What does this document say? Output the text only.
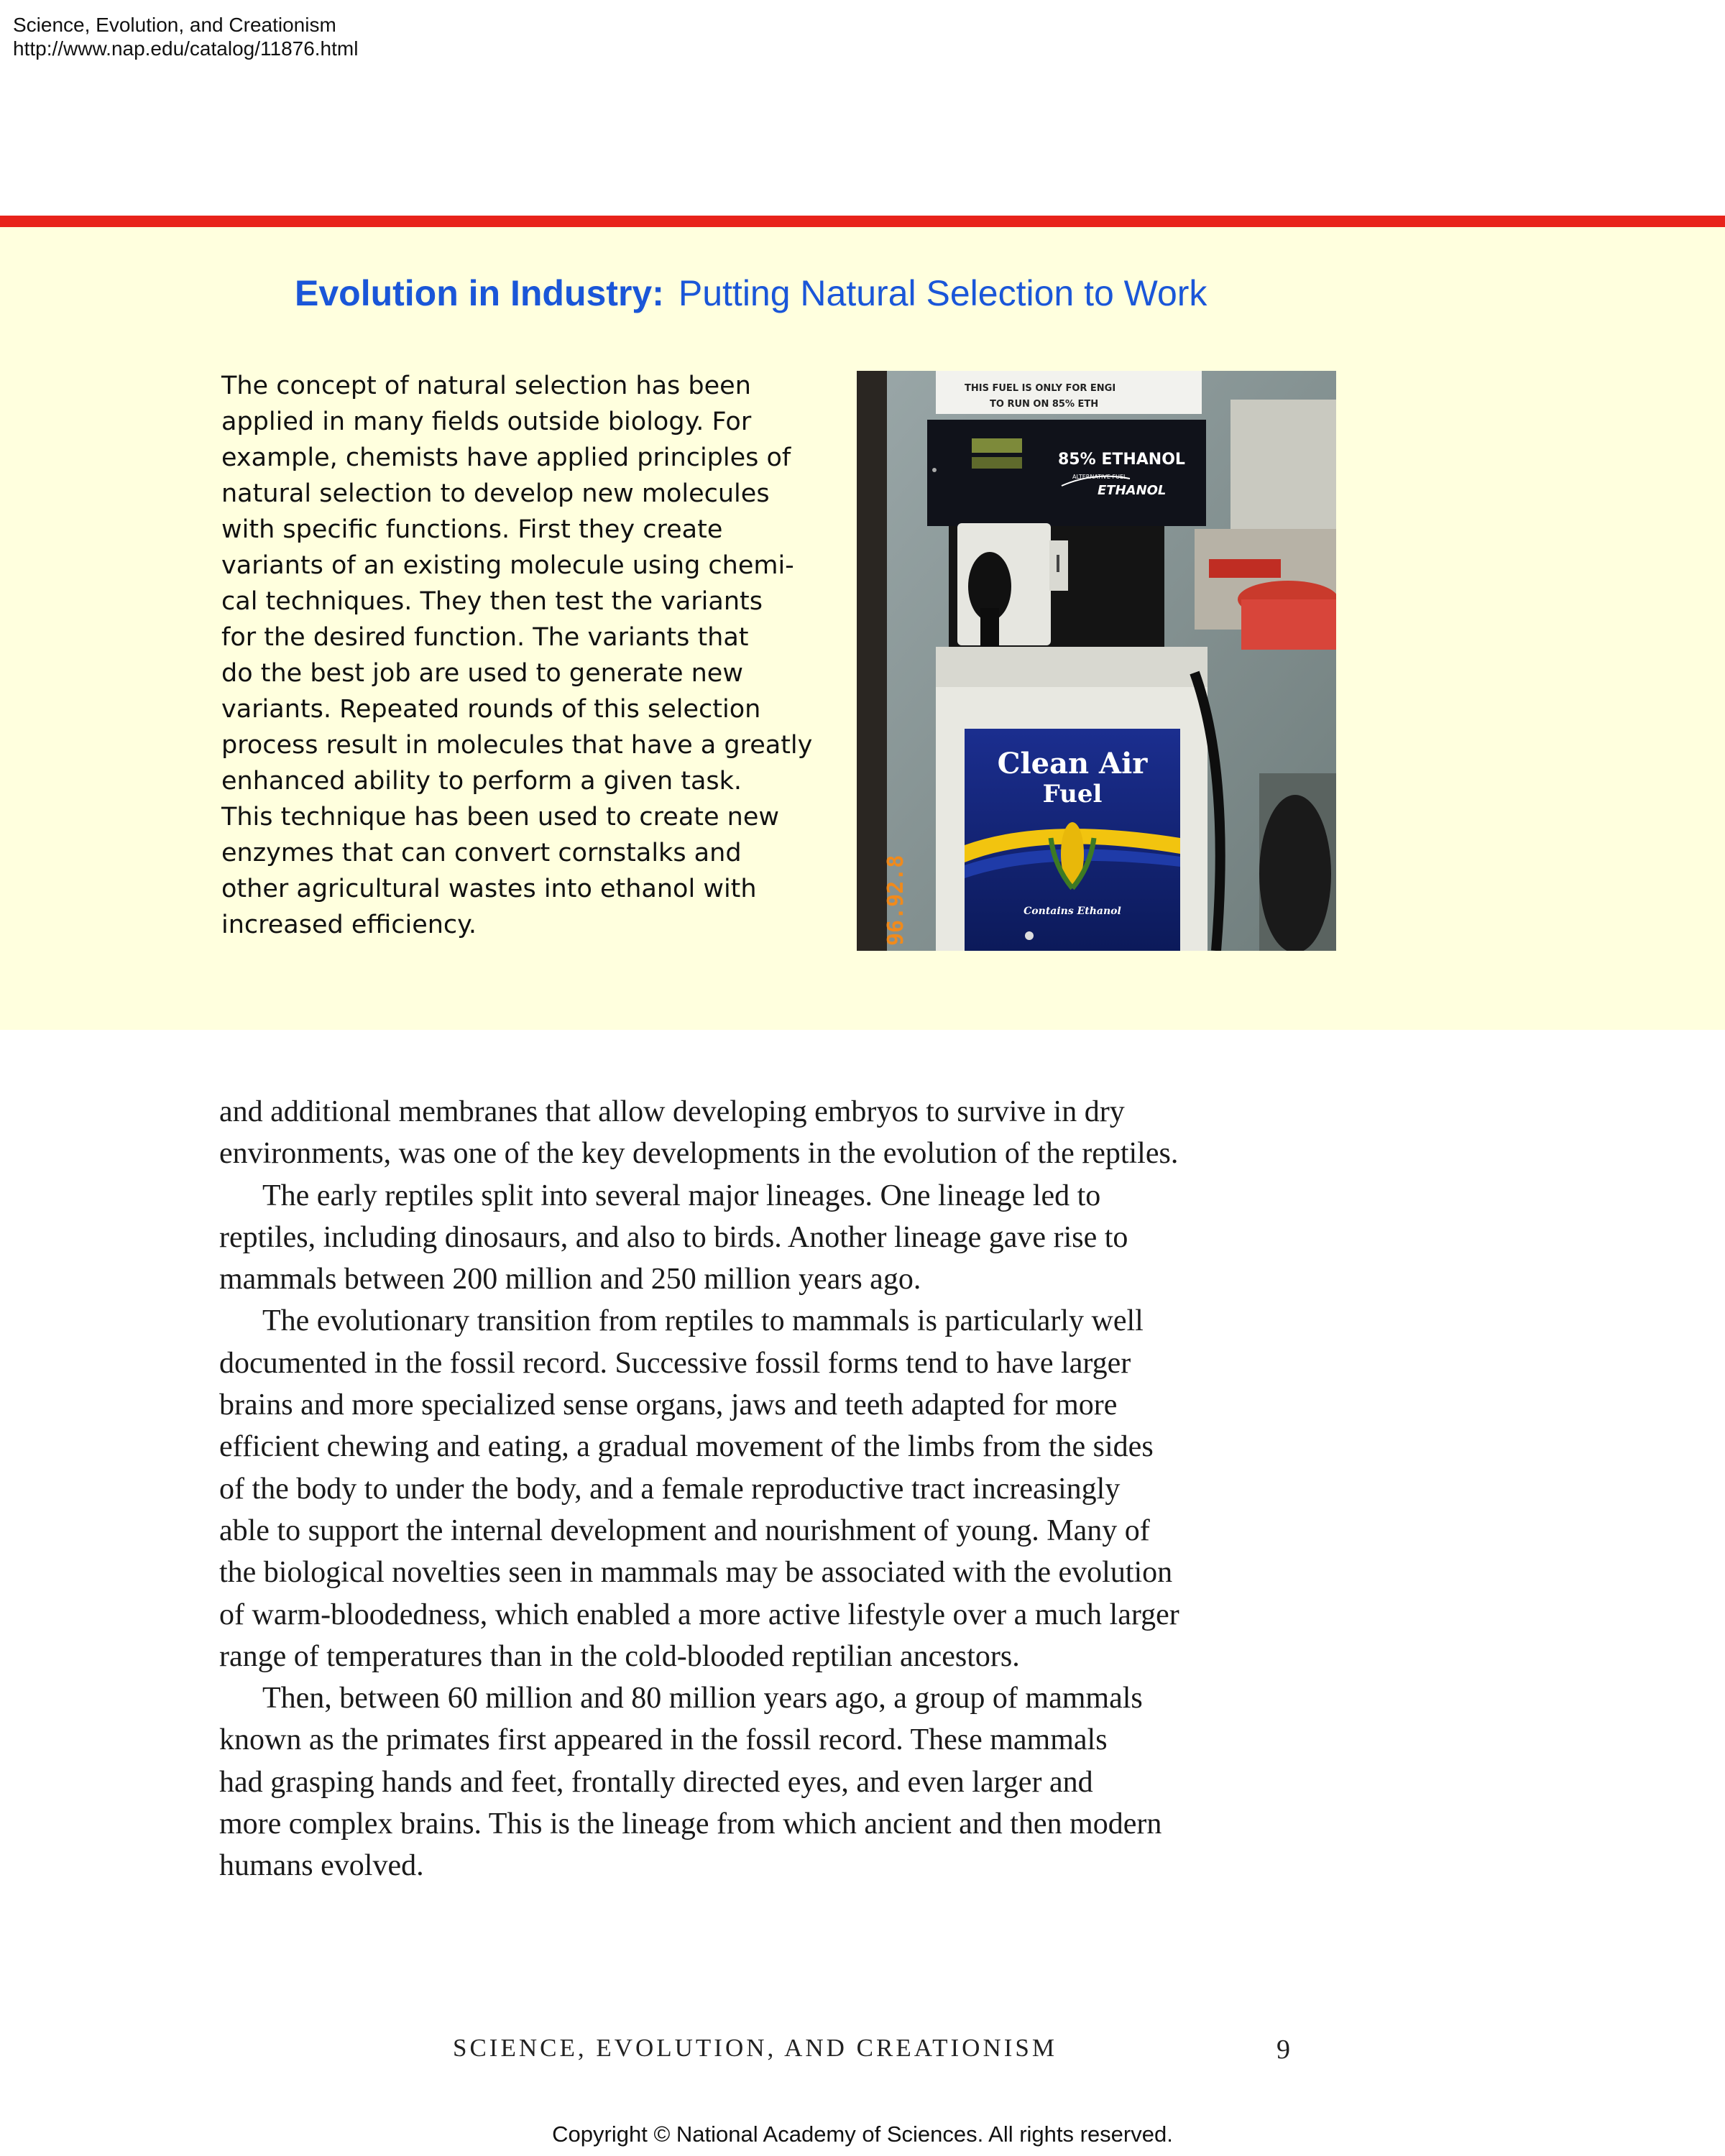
Science, Evolution, and Creationism
http://www.nap.edu/catalog/11876.html
Evolution in Industry: Putting Natural Selection to Work
The concept of natural selection has been
applied in many fields outside biology. For
example, chemists have applied principles of
natural selection to develop new molecules
with specific functions. First they create
variants of an existing molecule using chemi-
cal techniques. They then test the variants
for the desired function. The variants that
do the best job are used to generate new
variants. Repeated rounds of this selection
process result in molecules that have a greatly
enhanced ability to perform a given task.
This technique has been used to create new
enzymes that can convert cornstalks and
other agricultural wastes into ethanol with
increased efficiency.
THIS FUEL IS ONLY FOR ENGI
TO RUN ON 85% ETH
85% ETHANOL
ALTERNATIVE FUEL
ETHANOL
Clean Air
Fuel
Contains Ethanol
96.92.8
and additional membranes that allow developing embryos to survive in dry
environments, was one of the key developments in the evolution of the reptiles.
The early reptiles split into several major lineages. One lineage led to
reptiles, including dinosaurs, and also to birds. Another lineage gave rise to
mammals between 200 million and 250 million years ago.
The evolutionary transition from reptiles to mammals is particularly well
documented in the fossil record. Successive fossil forms tend to have larger
brains and more specialized sense organs, jaws and teeth adapted for more
efficient chewing and eating, a gradual movement of the limbs from the sides
of the body to under the body, and a female reproductive tract increasingly
able to support the internal development and nourishment of young. Many of
the biological novelties seen in mammals may be associated with the evolution
of warm-bloodedness, which enabled a more active lifestyle over a much larger
range of temperatures than in the cold-blooded reptilian ancestors.
Then, between 60 million and 80 million years ago, a group of mammals
known as the primates first appeared in the fossil record. These mammals
had grasping hands and feet, frontally directed eyes, and even larger and
more complex brains. This is the lineage from which ancient and then modern
humans evolved.
SCIENCE, EVOLUTION, AND CREATIONISM	9
Copyright © National Academy of Sciences. All rights reserved.
